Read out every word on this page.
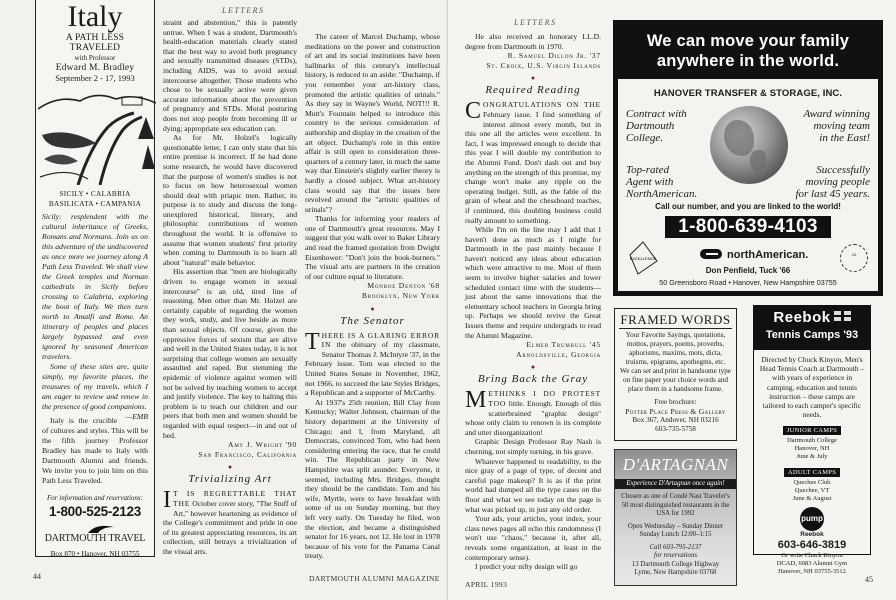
Italy
A PATH LESS TRAVELED
with Professor
Edward M. Bradley
September 2 - 17, 1993
SICILY • CALABRIA
BASILICATA • CAMPANIA

Sicily: resplendent with the cultural inheritance of Greeks, Romans and Normans. Join us on this adventure of the undiscovered as once more we journey along A Path Less Traveled. We shall view the Greek temples and Norman cathedrals in Sicily before crossing to Calabria, exploring the boot of Italy. We then turn north to Amalfi and Rome. An itinerary of peoples and places largely bypassed and even ignored by seasoned American travelers.

Some of these sites are, quite simply, my favorite places, the treasures of my travels, which I am eager to review and renew in the presence of good companions.
—EMB

Italy is the crucible of cultures and styles. This will be the fifth journey Professor Bradley has made to Italy with Dartmouth Alumni and friends. We invite you to join him on this Path Less Traveled.

For information and reservations:
1-800-525-2123
DARTMOUTH TRAVEL
Box 870 • Hanover, NH 03755
LETTERS

straint and abstention," this is patently untrue. When I was a student, Dartmouth's health-education materials clearly stated that the best way to avoid both pregnancy and sexually transmitted diseases (STDs), including AIDS, was to avoid sexual intercourse altogether. Those students who chose to be sexually active were given accurate information about the prevention of pregnancy and STDs. Moral posturing does not stop people from becoming ill or dying; appropriate sex education can.

As for Mr. Holzel's logically questionable letter, I can only state that his entire premise is incorrect. If he had done some research, he would have discovered that the purpose of women's studies is not to focus on how heterosexual women should deal with priapic men. Rather, its purpose is to study and discuss the long-unexplored historical, literary, and philosophic contributions of women throughout the world. It is offensive to assume that women students' first priority when coming to Dartmouth is to learn all about "natural" male behavior.

His assertion that "men are biologically driven to engage women in sexual intercourse" is an old, tired line of reasoning. Men other than Mr. Holzel are certainly capable of regarding the women they work, study, and live beside as more than sexual objects. Of course, given the oppressive forces of sexism that are alive and well in the United States today, it is not surprising that college women are sexually assaulted and raped. But stemming the epidemic of violence against women will not be solved by teaching women to accept and justify violence. The key to halting this problem is to teach our children and our peers that both men and women should be regarded with equal respect—in and out of bed.

Amy J. Wright '90
San Francisco, California
●
Trivializing Art

I T IS REGRETTABLE THAT THE October cover story, "The Stuff of Art," however heartening as evidence of the College's commitment and pride in one of its greatest appreciating resources, its art collection, still betrays a trivialization of the visual arts.

The career of Marcel Duchamp, whose meditations on the power and construction of art and its social institutions have been hallmarks of this century's intellectual history, is reduced to an aside: "Duchamp, if you remember your art-history class, promoted the artistic qualities of urinals." As they say in Wayne's World, NOT!!! R. Mutt's Fountain helped to introduce this country to the serious consideration of authorship and display in the creation of the art object. Duchamp's role in this entire affair is still open to consideration three-quarters of a century later, in much the same way that Einstein's slightly earlier theory is hardly a closed subject. What art-history class would say that the issues here revolved around the "artistic qualities of urinals"?

Thanks for informing your readers of one of Dartmouth's great resources. May I suggest that you walk over to Baker Library and read the framed quotation from Dwight Eisenhower: "Don't join the book-burners." The visual arts are partners in the creation of our culture equal to literature.

Monroe Denton '68
Brooklyn, New York
●
The Senator

THERE IS A GLARING ERROR IN the obituary of my classmate, Senator Thomas J. McIntyre '37, in the February issue. Tom was elected to the United States Senate in November, 1962, not 1966, to succeed the late Styles Bridges, a Republican and a supporter of McCarthy.

At 1937's 25th reunion, Bill Clay from Kentucky; Walter Johnson, chairman of the history department at the University of Chicago; and I, from Maryland, all Democrats, convinced Tom, who had been considering entering the race, that he could win. The Republican party in New Hampshire was split asunder. Everyone, it seemed, including Mrs. Bridges, thought they should be the candidate. Tom and his wife, Myrtle, were to have breakfast with some of us on Sunday morning, but they left very early. On Tuesday he filed, won the election, and became a distinguished senator for 16 years, not 12. He lost in 1978 because of his vote for the Panama Canal treaty.

44	DARTMOUTH ALUMNI MAGAZINE
LETTERS

He also received an honorary LL.D. degree from Dartmouth in 1970.

R. Samuel Dillon Jr. '37
St. Croix, U.S. Virgin Islands
●
Required Reading

CONGRATULATIONS ON THE February issue. I find something of interest almost every month, but in this one all the articles were excellent. In fact, I was impressed enough to decide that this year I will double my contribution to the Alumni Fund. Don't dash out and buy anything on the strength of this promise, my change won't make any ripple on the operating budget. Still, as the fable of the grain of wheat and the chessboard teaches, if continued, this doubling business could really amount to something.

While I'm on the line may I add that I haven't done as much as I might for Dartmouth in the past mainly because I haven't noticed any ideas about education which were attractive to me. Most of them seem to involve higher salaries and lower scheduled contact time with the students—just about the same innovations that the elementary school teachers in Georgia bring up. Perhaps we should revive the Great Issues theme and require undergrads to read the Alumni Magazine.

Elmer Trumbull '45
Arnoldsville, Georgia
●
Bring Back the Gray

METHINKS I DO PROTEST TOO little. Enough. Enough of this scatterbrained "graphic design" whose only claim to renown is its complete and utter disorganization!

Graphic Design Professor Ray Nash is churning, not simply turning, in his grave.

Whatever happened to readability, to the nice gray of a page of type, of decent and careful page makeup? It is as if the print world had dumped all the type cases on the floor and what we see today on the page is what was picked up, in just any old order.

Your ads, your articles, your index, your class news pages all echo this randomness (I won't use "chaos," because it, after all, reveals some organization, at least in the contemporary sense).

I predict your nifty design will go

APRIL 1993
45
We can move your family
anywhere in the world.
HANOVER TRANSFER & STORAGE, INC.
Contract with
Dartmouth
College.
Award winning
moving team
in the East!
Top-rated
Agent with
NorthAmerican.
Successfully
moving people
for last 45 years.
Call our number, and you are linked to the world!
1-800-639-4103
EXCELLENCE	northAmerican.	10
Don Penfield, Tuck '66
50 Greensboro Road • Hanover, New Hampshire 03755
FRAMED WORDS
Your Favorite Sayings, quotations, mottos, prayers, poems, proverbs, aphorisms, maxims, mots, dicta, truisms, epigrams, apothegms, etc.
We can set and print in handsome type on fine paper your choice words and place them in a handsome frame.
Free brochure:
Potter Place Press & Gallery
Box 367, Andover, NH 03216
603-735-5758
D'ARTAGNAN
Experience D'Artagnan once again!
Chosen as one of Condé Nast Traveler's 50 most distinguished restaurants in the USA for 1992
Open Wednesday – Sunday Dinner
Sunday Lunch 12:00–1:15
Call 603-795-2137
for reservations
13 Dartmouth College Highway
Lyme, New Hampshire 03768
Reebok
Tennis Camps '93
Directed by Chuck Kinyon, Men's Head Tennis Coach at Dartmouth – with years of experience in camping, education and tennis instruction – these camps are tailored to each camper's specific needs.
JUNIOR CAMPS
Dartmouth College
Hanover, NH
June & July
ADULT CAMPS
Quechee Club
Quechee, VT
June & August
pump
Reebok
603-646-3819
Or write Chuck Kinyon
DCAD, 6083 Alumni Gym
Hanover, NH 03755-3512
